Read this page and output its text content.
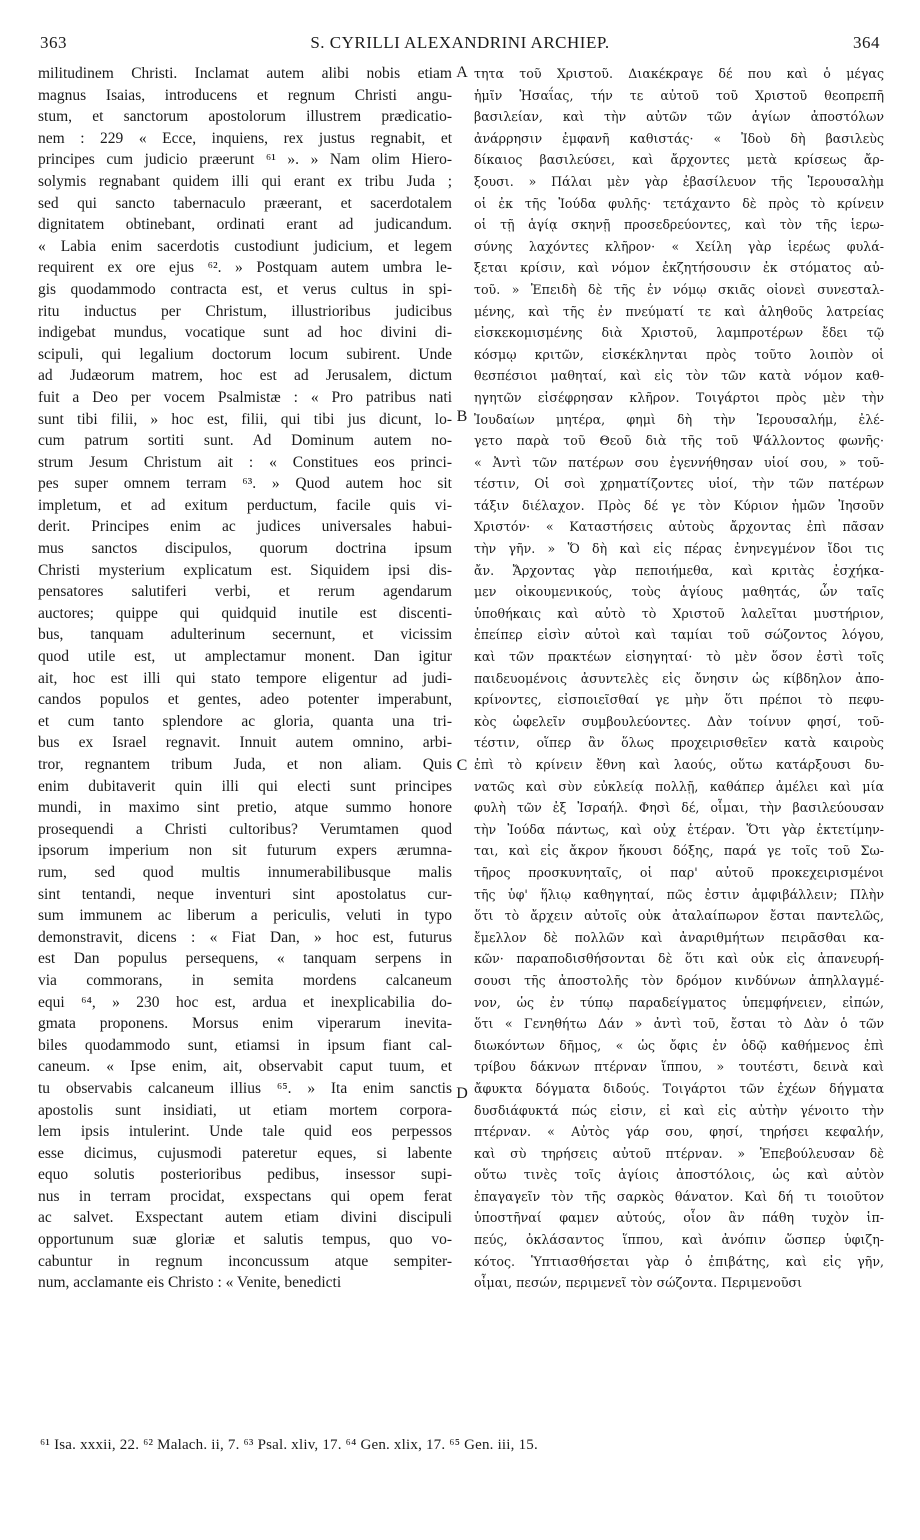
363	S. CYRILLI ALEXANDRINI ARCHIEP.	364
militudinem Christi. Inclamat autem alibi nobis etiam
magnus Isaias, introducens et regnum Christi angu-
stum, et sanctorum apostolorum illustrem prædicatio-
nem : 229 « Ecce, inquiens, rex justus regnabit, et
principes cum judicio præerunt ⁶¹ ». » Nam olim Hiero-
solymis regnabant quidem illi qui erant ex tribu Juda ;
sed qui sancto tabernaculo præerant, et sacerdotalem
dignitatem obtinebant, ordinati erant ad judicandum.
« Labia enim sacerdotis custodiunt judicium, et legem
requirent ex ore ejus ⁶². » Postquam autem umbra le-
gis quodammodo contracta est, et verus cultus in spi-
ritu inductus per Christum, illustrioribus judicibus
indigebat mundus, vocatique sunt ad hoc divini di-
scipuli, qui legalium doctorum locum subirent. Unde
ad Judæorum matrem, hoc est ad Jerusalem, dictum
fuit a Deo per vocem Psalmistæ : « Pro patribus nati
sunt tibi filii, » hoc est, filii, qui tibi jus dicunt, lo-
cum patrum sortiti sunt. Ad Dominum autem no-
strum Jesum Christum ait : « Constitues eos princi-
pes super omnem terram ⁶³. » Quod autem hoc sit
impletum, et ad exitum perductum, facile quis vi-
derit. Principes enim ac judices universales habui-
mus sanctos discipulos, quorum doctrina ipsum
Christi mysterium explicatum est. Siquidem ipsi dis-
pensatores salutiferi verbi, et rerum agendarum
auctores; quippe qui quidquid inutile est discenti-
bus, tanquam adulterinum secernunt, et vicissim
quod utile est, ut amplectamur monent. Dan igitur
ait, hoc est illi qui stato tempore eligentur ad judi-
candos populos et gentes, adeo potenter imperabunt,
et cum tanto splendore ac gloria, quanta una tri-
bus ex Israel regnavit. Innuit autem omnino, arbi-
tror, regnantem tribum Juda, et non aliam. Quis
enim dubitaverit quin illi qui electi sunt principes
mundi, in maximo sint pretio, atque summo honore
prosequendi a Christi cultoribus? Verumtamen quod
ipsorum imperium non sit futurum expers ærumna-
rum, sed quod multis innumerabilibusque malis
sint tentandi, neque inventuri sint apostolatus cur-
sum immunem ac liberum a periculis, veluti in typo
demonstravit, dicens : « Fiat Dan, » hoc est, futurus
est Dan populus persequens, « tanquam serpens in
via commorans, in semita mordens calcaneum
equi ⁶⁴, » 230 hoc est, ardua et inexplicabilia do-
gmata proponens. Morsus enim viperarum inevita-
biles quodammodo sunt, etiamsi in ipsum fiant cal-
caneum. « Ipse enim, ait, observabit caput tuum, et
tu observabis calcaneum illius ⁶⁵. » Ita enim sanctis
apostolis sunt insidiati, ut etiam mortem corpora-
lem ipsis intulerint. Unde tale quid eos perpessos
esse dicimus, cujusmodi pateretur eques, si labente
equo solutis posterioribus pedibus, insessor supi-
nus in terram procidat, exspectans qui opem ferat
ac salvet. Exspectant autem etiam divini discipuli
opportunum suæ gloriæ et salutis tempus, quo vo-
cabuntur in regnum inconcussum atque sempiter-
num, acclamante eis Christo : « Venite, benedicti
τητα τοῦ Χριστοῦ. Διακέκραγε δέ που καὶ ὁ μέγας
ἡμῖν Ἡσαΐας, τήν τε αὐτοῦ τοῦ Χριστοῦ θεοπρεπῆ
βασιλείαν, καὶ τὴν αὐτῶν τῶν ἁγίων ἀποστόλων
ἀνάρρησιν ἐμφανῆ καθιστάς· « Ἰδοὺ δὴ βασιλεὺς
δίκαιος βασιλεύσει, καὶ ἄρχοντες μετὰ κρίσεως ἄρ-
ξουσι. » Πάλαι μὲν γὰρ ἐβασίλευον τῆς Ἱερουσαλὴμ
οἱ ἐκ τῆς Ἰούδα φυλῆς· τετάχαντο δὲ πρὸς τὸ κρίνειν
οἱ τῇ ἁγίᾳ σκηνῇ προσεδρεύοντες, καὶ τὸν τῆς ἱερω-
σύνης λαχόντες κλῆρον· « Χείλη γὰρ ἱερέως φυλά-
ξεται κρίσιν, καὶ νόμον ἐκζητήσουσιν ἐκ στόματος αὐ-
τοῦ. » Ἐπειδὴ δὲ τῆς ἐν νόμῳ σκιᾶς οἱονεὶ συνεσταλ-
μένης, καὶ τῆς ἐν πνεύματί τε καὶ ἀληθοῦς λατρείας
εἰσκεκομισμένης διὰ Χριστοῦ, λαμπροτέρων ἔδει τῷ
κόσμῳ κριτῶν, εἰσκέκληνται πρὸς τοῦτο λοιπὸν οἱ
θεσπέσιοι μαθηταί, καὶ εἰς τὸν τῶν κατὰ νόμον καθ-
ηγητῶν εἰσέφρησαν κλῆρον. Τοιγάρτοι πρὸς μὲν τὴν
Ἰουδαίων μητέρα, φημὶ δὴ τὴν Ἱερουσαλήμ, ἐλέ-
γετο παρὰ τοῦ Θεοῦ διὰ τῆς τοῦ Ψάλλοντος φωνῆς·
« Ἀντὶ τῶν πατέρων σου ἐγεννήθησαν υἱοί σου, » τοῦ-
τέστιν, Οἱ σοὶ χρηματίζοντες υἱοί, τὴν τῶν πατέρων
τάξιν διέλαχον. Πρὸς δέ γε τὸν Κύριον ἡμῶν Ἰησοῦν
Χριστόν· « Καταστήσεις αὐτοὺς ἄρχοντας ἐπὶ πᾶσαν
τὴν γῆν. » Ὅ δὴ καὶ εἰς πέρας ἐνηνεγμένον ἴδοι τις
ἄν. Ἄρχοντας γὰρ πεποιήμεθα, καὶ κριτὰς ἐσχήκα-
μεν οἰκουμενικούς, τοὺς ἁγίους μαθητάς, ὧν ταῖς
ὑποθήκαις καὶ αὐτὸ τὸ Χριστοῦ λαλεῖται μυστήριον,
ἐπείπερ εἰσὶν αὐτοὶ καὶ ταμίαι τοῦ σώζοντος λόγου,
καὶ τῶν πρακτέων εἰσηγηταί· τὸ μὲν ὅσον ἐστὶ τοῖς
παιδευομένοις ἀσυντελὲς εἰς ὄνησιν ὡς κίβδηλον ἀπο-
κρίνοντες, εἰσποιεῖσθαί γε μὴν ὅτι πρέποι τὸ πεφυ-
κὸς ὠφελεῖν συμβουλεύοντες. Δὰν τοίνυν φησί, τοῦ-
τέστιν, οἵπερ ἂν ὅλως προχειρισθεῖεν κατὰ καιροὺς
ἐπὶ τὸ κρίνειν ἔθνη καὶ λαούς, οὕτω κατάρξουσι δυ-
νατῶς καὶ σὺν εὐκλείᾳ πολλῇ, καθάπερ ἀμέλει καὶ μία
φυλὴ τῶν ἐξ Ἰσραήλ. Φησὶ δέ, οἶμαι, τὴν βασιλεύουσαν
τὴν Ἰούδα πάντως, καὶ οὐχ ἑτέραν. Ὅτι γὰρ ἐκτετίμην-
ται, καὶ εἰς ἄκρον ἥκουσι δόξης, παρά γε τοῖς τοῦ Σω-
τῆρος προσκυνηταῖς, οἱ παρ' αὐτοῦ προκεχειρισμένοι
τῆς ὑφ' ἥλιῳ καθηγηταί, πῶς ἐστιν ἀμφιβάλλειν; Πλὴν
ὅτι τὸ ἄρχειν αὐτοῖς οὐκ ἀταλαίπωρον ἔσται παντελῶς,
ἔμελλον δὲ πολλῶν καὶ ἀναριθμήτων πειρᾶσθαι κα-
κῶν· παραποδισθήσονται δὲ ὅτι καὶ οὐκ εἰς ἀπανευρή-
σουσι τῆς ἀποστολῆς τὸν δρόμον κινδύνων ἀπηλλαγμέ-
νον, ὡς ἐν τύπῳ παραδείγματος ὑπεμφήνειεν, εἰπών,
ὅτι « Γενηθήτω Δάν » ἀντὶ τοῦ, ἔσται τὸ Δὰν ὁ τῶν
διωκόντων δῆμος, « ὡς ὄφις ἐν ὁδῷ καθήμενος ἐπὶ
τρίβου δάκνων πτέρναν ἵππου, » τουτέστι, δεινὰ καὶ
ἄφυκτα δόγματα διδούς. Τοιγάρτοι τῶν ἐχέων δήγματα
δυσδιάφυκτά πώς εἰσιν, εἰ καὶ εἰς αὐτὴν γένοιτο τὴν
πτέρναν. « Αὐτὸς γάρ σου, φησί, τηρήσει κεφαλήν,
καὶ σὺ τηρήσεις αὐτοῦ πτέρναν. » Ἐπεβούλευσαν δὲ
οὕτω τινὲς τοῖς ἁγίοις ἀποστόλοις, ὡς καὶ αὐτὸν
ἐπαγαγεῖν τὸν τῆς σαρκὸς θάνατον. Καὶ δή τι τοιοῦτον
ὑποστῆναί φαμεν αὐτούς, οἷον ἂν πάθη τυχὸν ἱπ-
πεύς, ὀκλάσαντος ἵππου, καὶ ἀνόπιν ὥσπερ ὑφιζη-
κότος. Ὑπτιασθήσεται γὰρ ὁ ἐπιβάτης, καὶ εἰς γῆν,
οἶμαι, πεσών, περιμενεῖ τὸν σώζοντα. Περιμενοῦσι
A
B
C
D
⁶¹ Isa. xxxii, 22. ⁶² Malach. ii, 7. ⁶³ Psal. xliv, 17. ⁶⁴ Gen. xlix, 17. ⁶⁵ Gen. iii, 15.
